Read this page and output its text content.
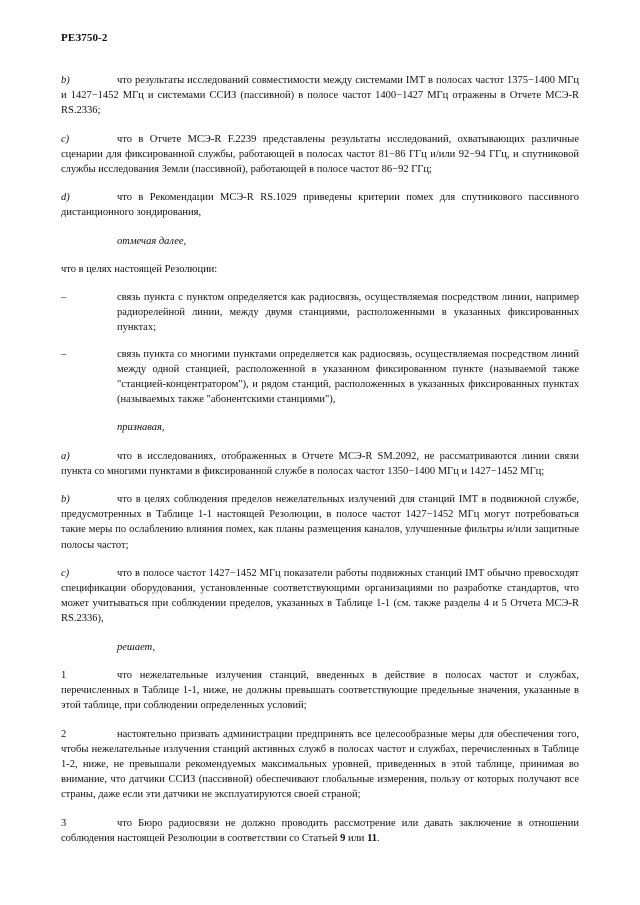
РЕЗ750-2

b)	что результаты исследований совместимости между системами IMT в полосах частот 1375−1400 МГц и 1427−1452 МГц и системами ССИЗ (пассивной) в полосе частот 1400−1427 МГц отражены в Отчете МСЭ-R RS.2336;

c)	что в Отчете МСЭ-R F.2239 представлены результаты исследований, охватывающих различные сценарии для фиксированной службы, работающей в полосах частот 81−86 ГГц и/или 92−94 ГГц, и спутниковой службы исследования Земли (пассивной), работающей в полосе частот 86−92 ГГц;

d)	что в Рекомендации МСЭ-R RS.1029 приведены критерии помех для спутникового пассивного дистанционного зондирования,

отмечая далее,

что в целях настоящей Резолюции:

–	связь пункта с пунктом определяется как радиосвязь, осуществляемая посредством линии, например радиорелейной линии, между двумя станциями, расположенными в указанных фиксированных пунктах;
–	связь пункта со многими пунктами определяется как радиосвязь, осуществляемая посредством линий между одной станцией, расположенной в указанном фиксированном пункте (называемой также "станцией-концентратором"), и рядом станций, расположенных в указанных фиксированных пунктах (называемых также "абонентскими станциями"),

признавая,

a)	что в исследованиях, отображенных в Отчете МСЭ-R SM.2092, не рассматриваются линии связи пункта со многими пунктами в фиксированной службе в полосах частот 1350−1400 МГц и 1427−1452 МГц;

b)	что в целях соблюдения пределов нежелательных излучений для станций IMT в подвижной службе, предусмотренных в Таблице 1-1 настоящей Резолюции, в полосе частот 1427−1452 МГц могут потребоваться такие меры по ослаблению влияния помех, как планы размещения каналов, улучшенные фильтры и/или защитные полосы частот;

c)	что в полосе частот 1427−1452 МГц показатели работы подвижных станций IMT обычно превосходят спецификации оборудования, установленные соответствующими организациями по разработке стандартов, что может учитываться при соблюдении пределов, указанных в Таблице 1-1 (см. также разделы 4 и 5 Отчета МСЭ-R RS.2336),

решает,

1	что нежелательные излучения станций, введенных в действие в полосах частот и службах, перечисленных в Таблице 1-1, ниже, не должны превышать соответствующие предельные значения, указанные в этой таблице, при соблюдении определенных условий;

2	настоятельно призвать администрации предпринять все целесообразные меры для обеспечения того, чтобы нежелательные излучения станций активных служб в полосах частот и службах, перечисленных в Таблице 1-2, ниже, не превышали рекомендуемых максимальных уровней, приведенных в этой таблице, принимая во внимание, что датчики ССИЗ (пассивной) обеспечивают глобальные измерения, пользу от которых получают все страны, даже если эти датчики не эксплуатируются своей страной;

3	что Бюро радиосвязи не должно проводить рассмотрение или давать заключение в отношении соблюдения настоящей Резолюции в соответствии со Статьей 9 или 11.
